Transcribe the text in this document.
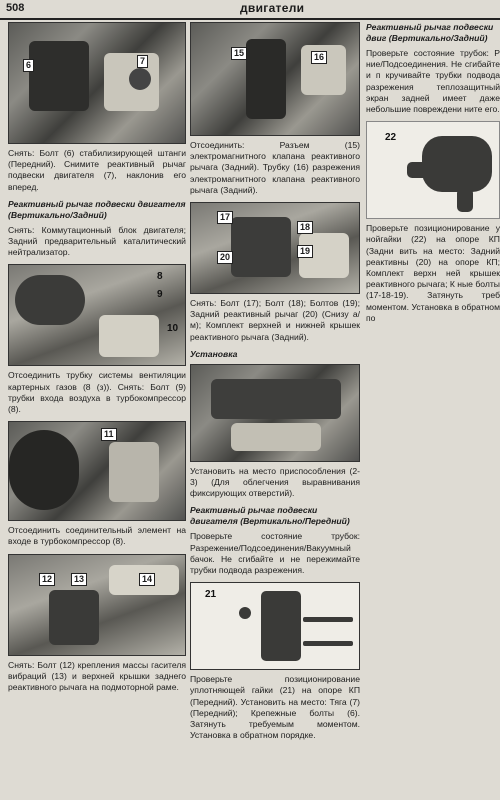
508	двигатели
6	7

Снять: Болт (6) стабилизирующей штанги (Передний). Снимите реактивный рычаг подвески двигателя (7), наклонив его вперед.

Реактивный рычаг подвески двигателя (Вертикально/Задний)

Снять: Коммутационный блок двигателя; Задний предварительный каталитический нейтрализатор.

8
9
10

Отсоединить трубку системы вентиляции картерных газов (8 (з)). Снять: Болт (9) трубки входа воздуха в турбокомпрессор (8).

11

Отсоединить соединительный элемент на входе в турбокомпрессор (8).

12	13	14

Снять: Болт (12) крепления массы гасителя вибраций (13) и верхней крышки заднего реактивного рычага на подмоторной раме.

15	16

Отсоединить: Разъем (15) электромагнитного клапана реактивного рычага (Задний). Трубку (16) разрежения электромагнитного клапана реактивного рычага (Задний).

17
18
19
20

Снять: Болт (17); Болт (18); Болтов (19); Задний реактивный рычаг (20) (Снизу а/м); Комплект верхней и нижней крышек реактивного рычага (Задний).

Установка

Установить на место приспособления (2-3) (Для облегчения выравнивания фиксирующих отверстий).

Реактивный рычаг подвески двигателя (Вертикально/Передний)

Проверьте состояние трубок: Разрежение/Подсоединения/Вакуумный бачок. Не сгибайте и не пережимайте трубки подвода разрежения.

21

Проверьте позиционирование уплотняющей гайки (21) на опоре КП (Передний). Установить на место: Тяга (7) (Передний); Крепежные болты (6). Затянуть требуемым моментом. Установка в обратном порядке.

Реактивный рычаг подвески двиг (Вертикально/Задний)

Проверьте состояние трубок: Р ние/Подсоединения. Не сгибайте и п кручивайте трубки подвода разрежения теплозащитный экран задней имеет даже небольшие повреждени ните его.

22

Проверьте позиционирование у нойгайки (22) на опоре КП (Задни вить на место: Задний реактивны (20) на опоре КП; Комплект верхн ней крышек реактивного рычага; К ные болты (17-18-19). Затянуть треб моментом. Установка в обратном по
